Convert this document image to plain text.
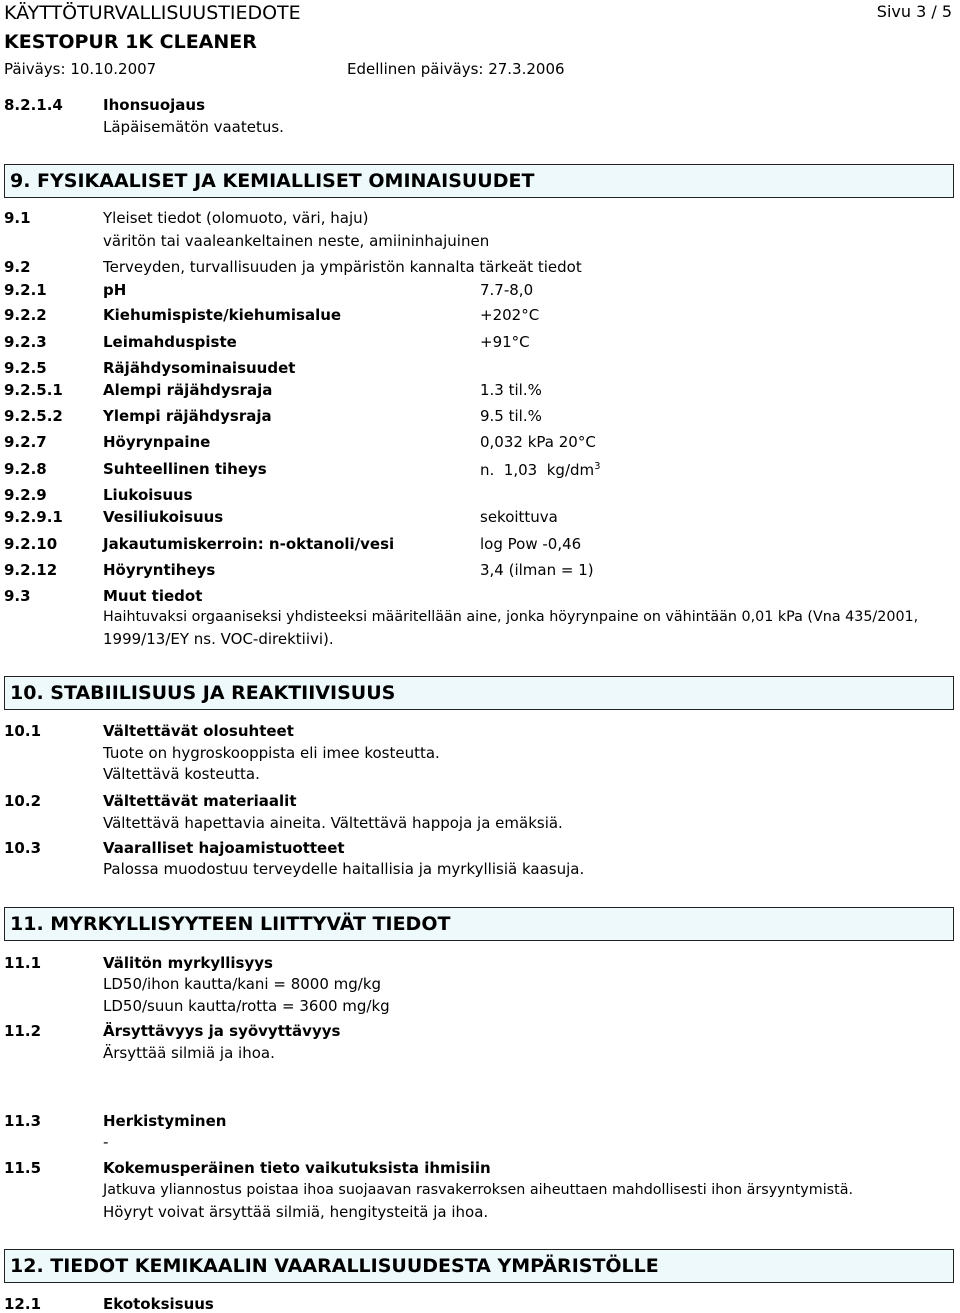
KÄYTTÖTURVALLISUUSTIEDOTE	Sivu 3 / 5
KESTOPUR 1K CLEANER
Päiväys: 10.10.2007	Edellinen päiväys: 27.3.2006
8.2.1.4	Ihonsuojaus
Läpäisemätön vaatetus.
9. FYSIKAALISET JA KEMIALLISET OMINAISUUDET
9.1	Yleiset tiedot (olomuoto, väri, haju)
väritön tai vaaleankeltainen neste, amiininhajuinen
9.2	Terveyden, turvallisuuden ja ympäristön kannalta tärkeät tiedot
9.2.1	pH	7.7-8,0
9.2.2	Kiehumispiste/kiehumisalue	+202°C
9.2.3	Leimahduspiste	+91°C
9.2.5	Räjähdysominaisuudet
9.2.5.1	Alempi räjähdysraja	1.3 til.%
9.2.5.2	Ylempi räjähdysraja	9.5 til.%
9.2.7	Höyrynpaine	0,032 kPa 20°C
9.2.8	Suhteellinen tiheys	n.  1,03  $kg/dm^3$
9.2.9	Liukoisuus
9.2.9.1	Vesiliukoisuus	sekoittuva
9.2.10	Jakautumiskerroin: n-oktanoli/vesi	log Pow -0,46
9.2.12	Höyryntiheys	3,4 (ilman = 1)
9.3	Muut tiedot
Haihtuvaksi orgaaniseksi yhdisteeksi määritellään aine, jonka höyrynpaine on vähintään 0,01 kPa (Vna 435/2001,
1999/13/EY ns. VOC-direktiivi).
10. STABIILISUUS JA REAKTIIVISUUS
10.1	Vältettävät olosuhteet
Tuote on hygroskooppista eli imee kosteutta.
Vältettävä kosteutta.
10.2	Vältettävät materiaalit
Vältettävä hapettavia aineita. Vältettävä happoja ja emäksiä.
10.3	Vaaralliset hajoamistuotteet
Palossa muodostuu terveydelle haitallisia ja myrkyllisiä kaasuja.
11. MYRKYLLISYYTEEN LIITTYVÄT TIEDOT
11.1	Välitön myrkyllisyys
LD50/ihon kautta/kani = 8000 mg/kg
LD50/suun kautta/rotta = 3600 mg/kg
11.2	Ärsyttävyys ja syövyttävyys
Ärsyttää silmiä ja ihoa.
11.3	Herkistyminen
-
11.5	Kokemusperäinen tieto vaikutuksista ihmisiin
Jatkuva yliannostus poistaa ihoa suojaavan rasvakerroksen aiheuttaen mahdollisesti ihon ärsyyntymistä.
Höyryt voivat ärsyttää silmiä, hengitysteitä ja ihoa.
12. TIEDOT KEMIKAALIN VAARALLISUUDESTA YMPÄRISTÖLLE
12.1	Ekotoksisuus
